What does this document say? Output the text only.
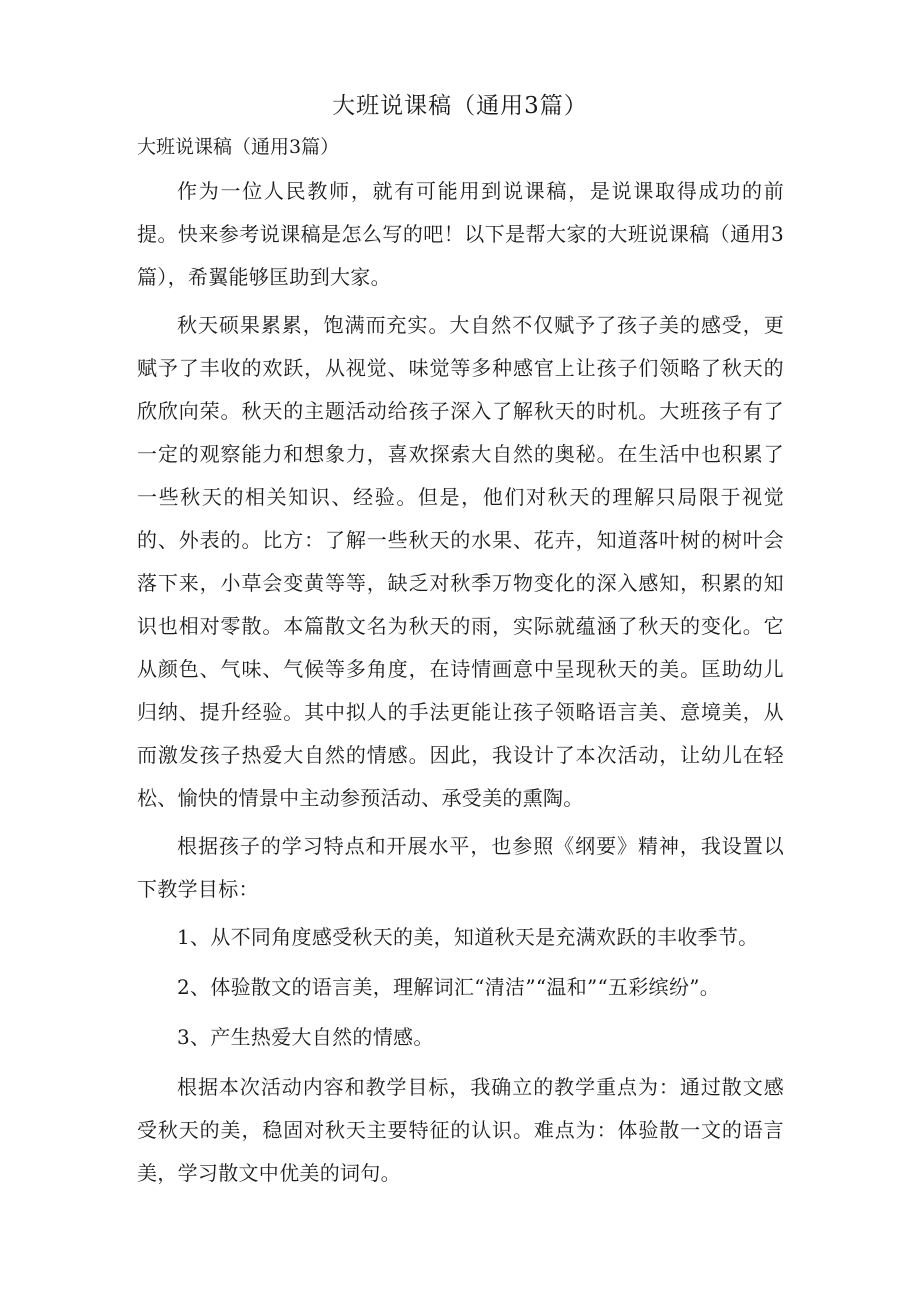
大班说课稿（通用3篇）

大班说课稿（通用3篇）

作为一位人民教师，就有可能用到说课稿，是说课取得成功的前提。快来参考说课稿是怎么写的吧！以下是帮大家的大班说课稿（通用3篇），希翼能够匡助到大家。

秋天硕果累累，饱满而充实。大自然不仅赋予了孩子美的感受，更赋予了丰收的欢跃，从视觉、味觉等多种感官上让孩子们领略了秋天的欣欣向荣。秋天的主题活动给孩子深入了解秋天的时机。大班孩子有了一定的观察能力和想象力，喜欢探索大自然的奥秘。在生活中也积累了一些秋天的相关知识、经验。但是，他们对秋天的理解只局限于视觉的、外表的。比方：了解一些秋天的水果、花卉，知道落叶树的树叶会落下来，小草会变黄等等，缺乏对秋季万物变化的深入感知，积累的知识也相对零散。本篇散文名为秋天的雨，实际就蕴涵了秋天的变化。它从颜色、气味、气候等多角度，在诗情画意中呈现秋天的美。匡助幼儿归纳、提升经验。其中拟人的手法更能让孩子领略语言美、意境美，从而激发孩子热爱大自然的情感。因此，我设计了本次活动，让幼儿在轻松、愉快的情景中主动参预活动、承受美的熏陶。

根据孩子的学习特点和开展水平，也参照《纲要》精神，我设置以下教学目标：

1、从不同角度感受秋天的美，知道秋天是充满欢跃的丰收季节。

2、体验散文的语言美，理解词汇“清洁”“温和”“五彩缤纷”。

3、产生热爱大自然的情感。

根据本次活动内容和教学目标，我确立的教学重点为：通过散文感受秋天的美，稳固对秋天主要特征的认识。难点为：体验散一文的语言美，学习散文中优美的词句。
